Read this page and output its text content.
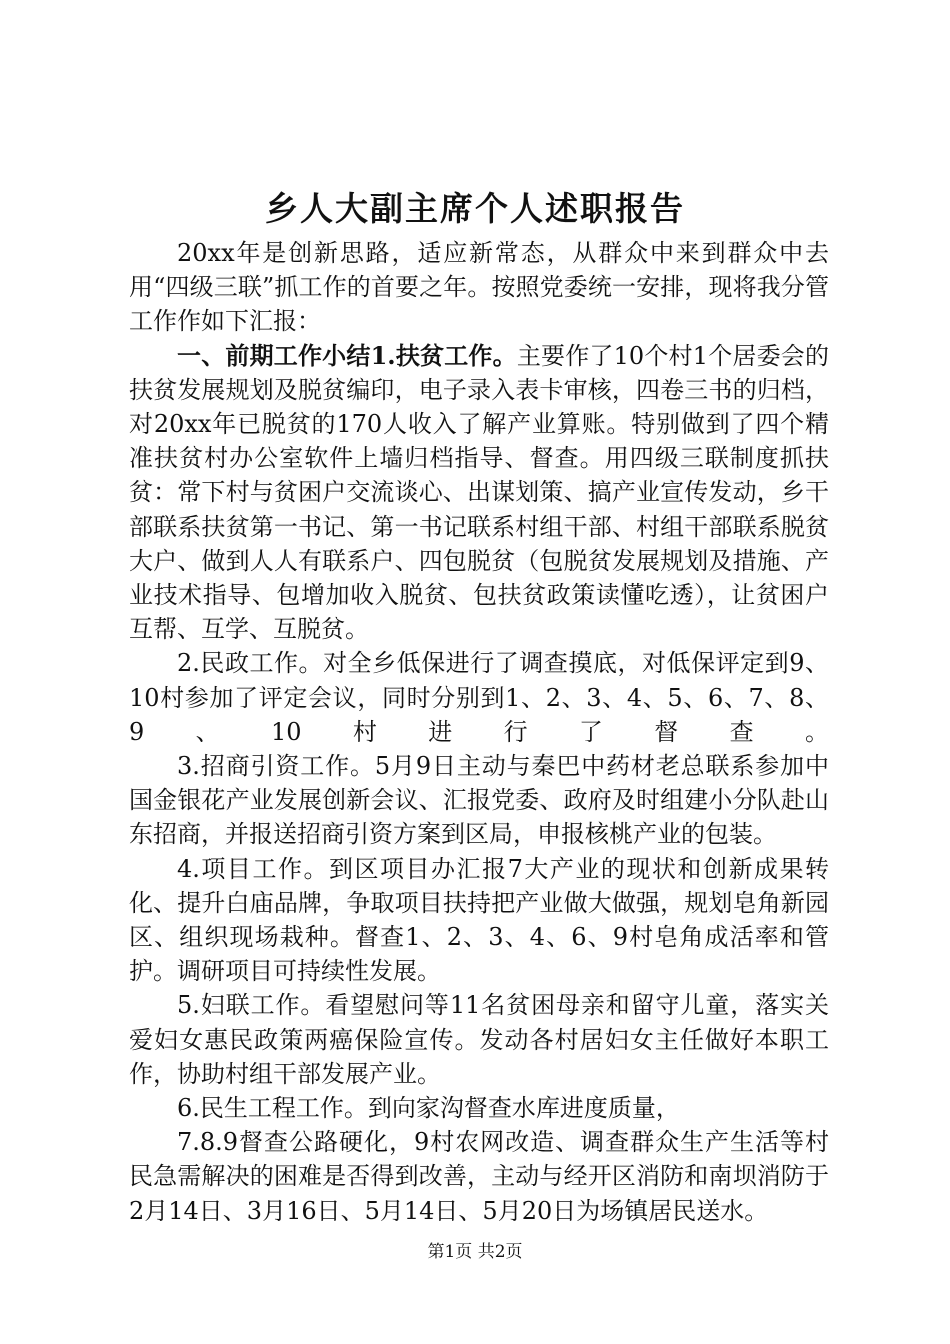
乡人大副主席个人述职报告

20xx年是创新思路，适应新常态，从群众中来到群众中去用“四级三联”抓工作的首要之年。按照党委统一安排，现将我分管工作作如下汇报：

一、前期工作小结1.扶贫工作。主要作了10个村1个居委会的扶贫发展规划及脱贫编印，电子录入表卡审核，四卷三书的归档，对20xx年已脱贫的170人收入了解产业算账。特别做到了四个精准扶贫村办公室软件上墙归档指导、督查。用四级三联制度抓扶贫：常下村与贫困户交流谈心、出谋划策、搞产业宣传发动，乡干部联系扶贫第一书记、第一书记联系村组干部、村组干部联系脱贫大户、做到人人有联系户、四包脱贫（包脱贫发展规划及措施、产业技术指导、包增加收入脱贫、包扶贫政策读懂吃透），让贫困户互帮、互学、互脱贫。

2.民政工作。对全乡低保进行了调查摸底，对低保评定到9、10村参加了评定会议，同时分别到1、2、3、4、5、6、7、8、9、10村进行了督查。

3.招商引资工作。5月9日主动与秦巴中药材老总联系参加中国金银花产业发展创新会议、汇报党委、政府及时组建小分队赴山东招商，并报送招商引资方案到区局，申报核桃产业的包装。

4.项目工作。到区项目办汇报7大产业的现状和创新成果转化、提升白庙品牌，争取项目扶持把产业做大做强，规划皂角新园区、组织现场栽种。督查1、2、3、4、6、9村皂角成活率和管护。调研项目可持续性发展。

5.妇联工作。看望慰问等11名贫困母亲和留守儿童，落实关爱妇女惠民政策两癌保险宣传。发动各村居妇女主任做好本职工作，协助村组干部发展产业。

6.民生工程工作。到向家沟督查水库进度质量，

7.8.9督查公路硬化，9村农网改造、调查群众生产生活等村民急需解决的困难是否得到改善，主动与经开区消防和南坝消防于2月14日、3月16日、5月14日、5月20日为场镇居民送水。

第1页 共2页
